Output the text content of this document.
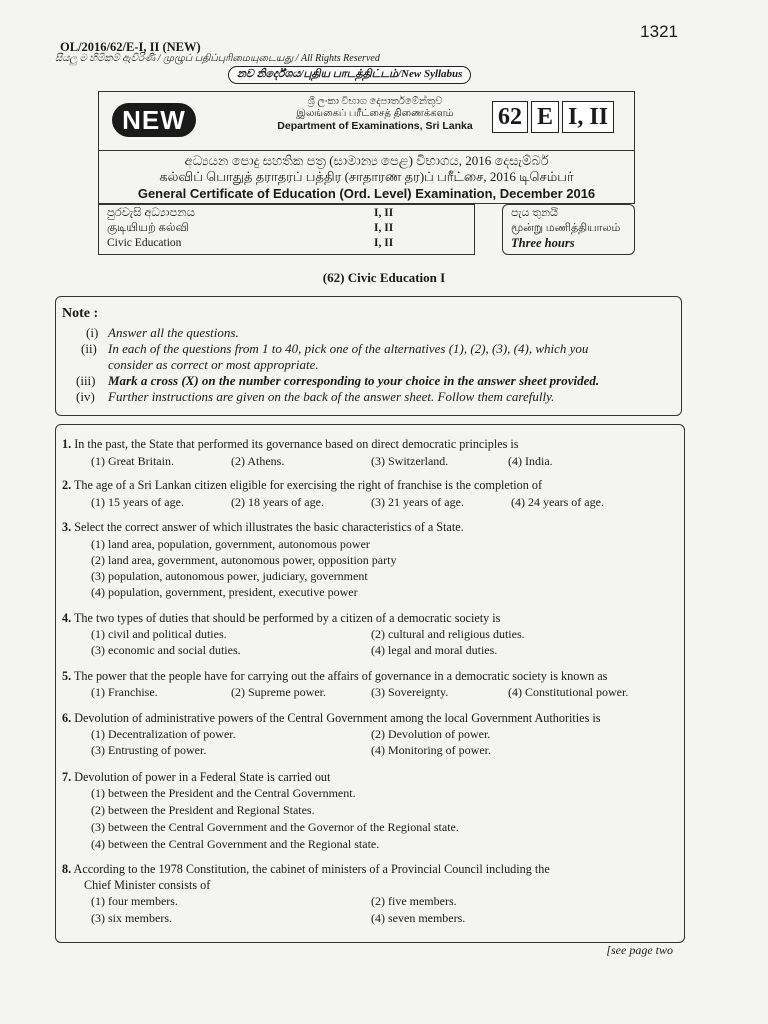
1321
OL/2016/62/E-I, II (NEW)
සියලු ම හිමිකම් ඇවිරිණි / முழுப் பதிப்புரிமையுடையது / All Rights Reserved
නව නිර්දේශය/புதிய பாடத்திட்டம்/New Syllabus
NEW
ශ්‍රී ලංකා විභාග දෙපාර්තමේන්තුව
இலங்கைப் பரீட்சைத் திணைக்களம்
Department of Examinations, Sri Lanka	62 E I, II
අධ්‍යයන පොදු සහතික පත්‍ර (සාමාන්‍ය පෙළ) විභාගය, 2016 දෙසැම්බර්
கல்விப் பொதுத் தராதரப் பத்திர (சாதாரண தர)ப் பரீட்சை, 2016 டிசெம்பர்
General Certificate of Education (Ord. Level) Examination, December 2016
පුරවැසි අධ්‍යාපනය	I, II
குடியியற் கல்வி	I, II
Civic Education	I, II
පැය තුනයි
மூன்று மணித்தியாலம்
Three hours
(62) Civic Education I
Note :
(i) Answer all the questions.
(ii) In each of the questions from 1 to 40, pick one of the alternatives (1), (2), (3), (4), which you
consider as correct or most appropriate.
(iii) Mark a cross (X) on the number corresponding to your choice in the answer sheet provided.
(iv) Further instructions are given on the back of the answer sheet. Follow them carefully.
1. In the past, the State that performed its governance based on direct democratic principles is
(1) Great Britain.	(2) Athens.	(3) Switzerland.	(4) India.
2. The age of a Sri Lankan citizen eligible for exercising the right of franchise is the completion of
(1) 15 years of age.	(2) 18 years of age.	(3) 21 years of age.	(4) 24 years of age.
3. Select the correct answer of which illustrates the basic characteristics of a State.
(1) land area, population, government, autonomous power
(2) land area, government, autonomous power, opposition party
(3) population, autonomous power, judiciary, government
(4) population, government, president, executive power
4. The two types of duties that should be performed by a citizen of a democratic society is
(1) civil and political duties.	(2) cultural and religious duties.
(3) economic and social duties.	(4) legal and moral duties.
5. The power that the people have for carrying out the affairs of governance in a democratic society is known as
(1) Franchise.	(2) Supreme power.	(3) Sovereignty.	(4) Constitutional power.
6. Devolution of administrative powers of the Central Government among the local Government Authorities is
(1) Decentralization of power.	(2) Devolution of power.
(3) Entrusting of power.	(4) Monitoring of power.
7. Devolution of power in a Federal State is carried out
(1) between the President and the Central Government.
(2) between the President and Regional States.
(3) between the Central Government and the Governor of the Regional state.
(4) between the Central Government and the Regional state.
8. According to the 1978 Constitution, the cabinet of ministers of a Provincial Council including the
Chief Minister consists of
(1) four members.	(2) five members.
(3) six members.	(4) seven members.
[see page two
